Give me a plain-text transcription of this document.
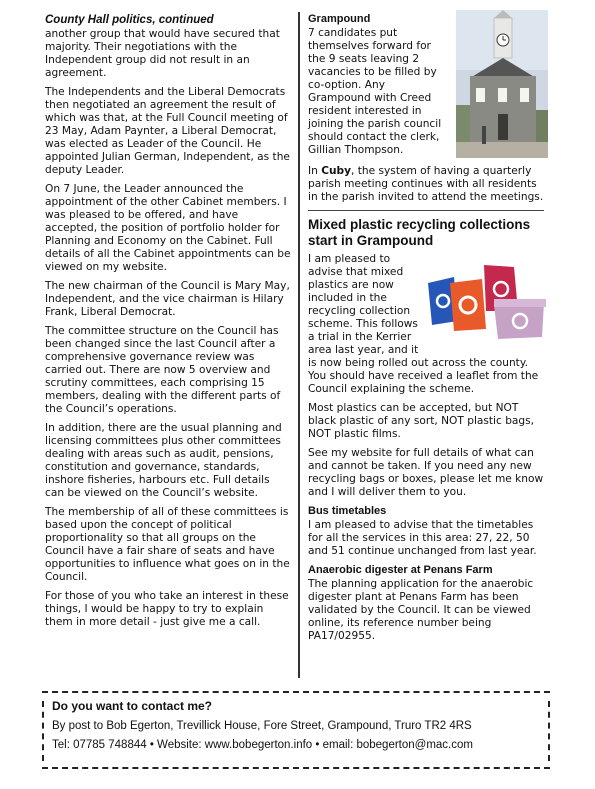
County Hall politics, continued

another group that would have secured that majority. Their negotiations with the Independent group did not result in an agreement.

The Independents and the Liberal Democrats then negotiated an agreement the result of which was that, at the Full Council meeting of 23 May, Adam Paynter, a Liberal Democrat, was elected as Leader of the Council. He appointed Julian German, Independent, as the deputy Leader.

On 7 June, the Leader announced the appointment of the other Cabinet members. I was pleased to be offered, and have accepted, the position of portfolio holder for Planning and Economy on the Cabinet. Full details of all the Cabinet appointments can be viewed on my website.

The new chairman of the Council is Mary May, Independent, and the vice chairman is Hilary Frank, Liberal Democrat.

The committee structure on the Council has been changed since the last Council after a comprehensive governance review was carried out. There are now 5 overview and scrutiny committees, each comprising 15 members, dealing with the different parts of the Council’s operations.

In addition, there are the usual planning and licensing committees plus other committees dealing with areas such as audit, pensions, constitution and governance, standards, inshore fisheries, harbours etc. Full details can be viewed on the Council’s website.

The membership of all of these committees is based upon the concept of political proportionality so that all groups on the Council have a fair share of seats and have opportunities to influence what goes on in the Council.

For those of you who take an interest in these things, I would be happy to try to explain them in more detail - just give me a call.

Grampound

7 candidates put themselves forward for the 9 seats leaving 2 vacancies to be filled by co-option. Any Grampound with Creed resident interested in joining the parish council should contact the clerk, Gillian Thompson.

In Cuby, the system of having a quarterly parish meeting continues with all residents in the parish invited to attend the meetings.

Mixed plastic recycling collections start in Grampound

I am pleased to advise that mixed plastics are now included in the recycling collection scheme. This follows a trial in the Kerrier area last year, and it is now being rolled out across the county. You should have received a leaflet from the Council explaining the scheme.

Most plastics can be accepted, but NOT black plastic of any sort, NOT plastic bags, NOT plastic films.

See my website for full details of what can and cannot be taken. If you need any new recycling bags or boxes, please let me know and I will deliver them to you.

Bus timetables

I am pleased to advise that the timetables for all the services in this area: 27, 22, 50 and 51 continue unchanged from last year.

Anaerobic digester at Penans Farm

The planning application for the anaerobic digester plant at Penans Farm has been validated by the Council. It can be viewed online, its reference number being PA17/02955.

Do you want to contact me?
By post to Bob Egerton, Trevillick House, Fore Street, Grampound, Truro TR2 4RS
Tel: 07785 748844 • Website: www.bobegerton.info • email: bobegerton@mac.com
